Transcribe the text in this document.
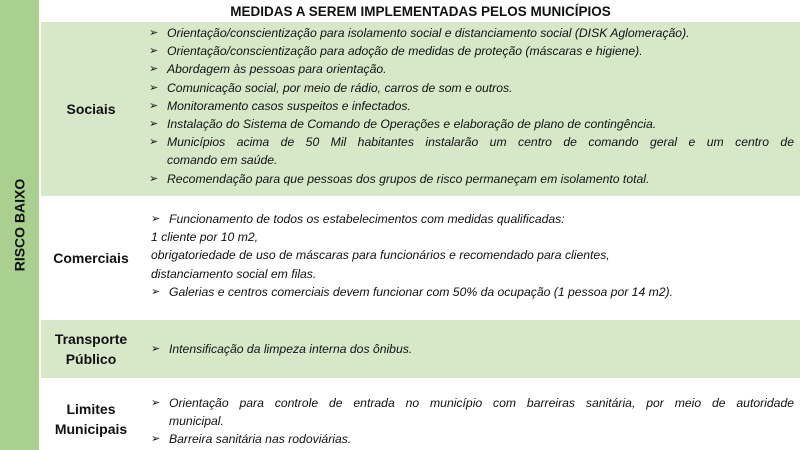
RISCO BAIXO
MEDIDAS A SEREM IMPLEMENTADAS PELOS MUNICÍPIOS
Sociais
➢ Orientação/conscientização para isolamento social e distanciamento social (DISK Aglomeração).
➢ Orientação/conscientização para adoção de medidas de proteção (máscaras e higiene).
➢ Abordagem às pessoas para orientação.
➢ Comunicação social, por meio de rádio, carros de som e outros.
➢ Monitoramento casos suspeitos e infectados.
➢ Instalação do Sistema de Comando de Operações e elaboração de plano de contingência.
➢ Municípios acima de 50 Mil habitantes instalarão um centro de comando geral e um centro de
comando em saúde.
➢ Recomendação para que pessoas dos grupos de risco permaneçam em isolamento total.
Comerciais
➢ Funcionamento de todos os estabelecimentos com medidas qualificadas:
1 cliente por 10 m2,
obrigatoriedade de uso de máscaras para funcionários e recomendado para clientes,
distanciamento social em filas.
➢ Galerias e centros comerciais devem funcionar com 50% da ocupação (1 pessoa por 14 m2).
Transporte
Público
➢ Intensificação da limpeza interna dos ônibus.
Limites
Municipais
➢ Orientação para controle de entrada no município com barreiras sanitária, por meio de autoridade
municipal.
➢ Barreira sanitária nas rodoviárias.
